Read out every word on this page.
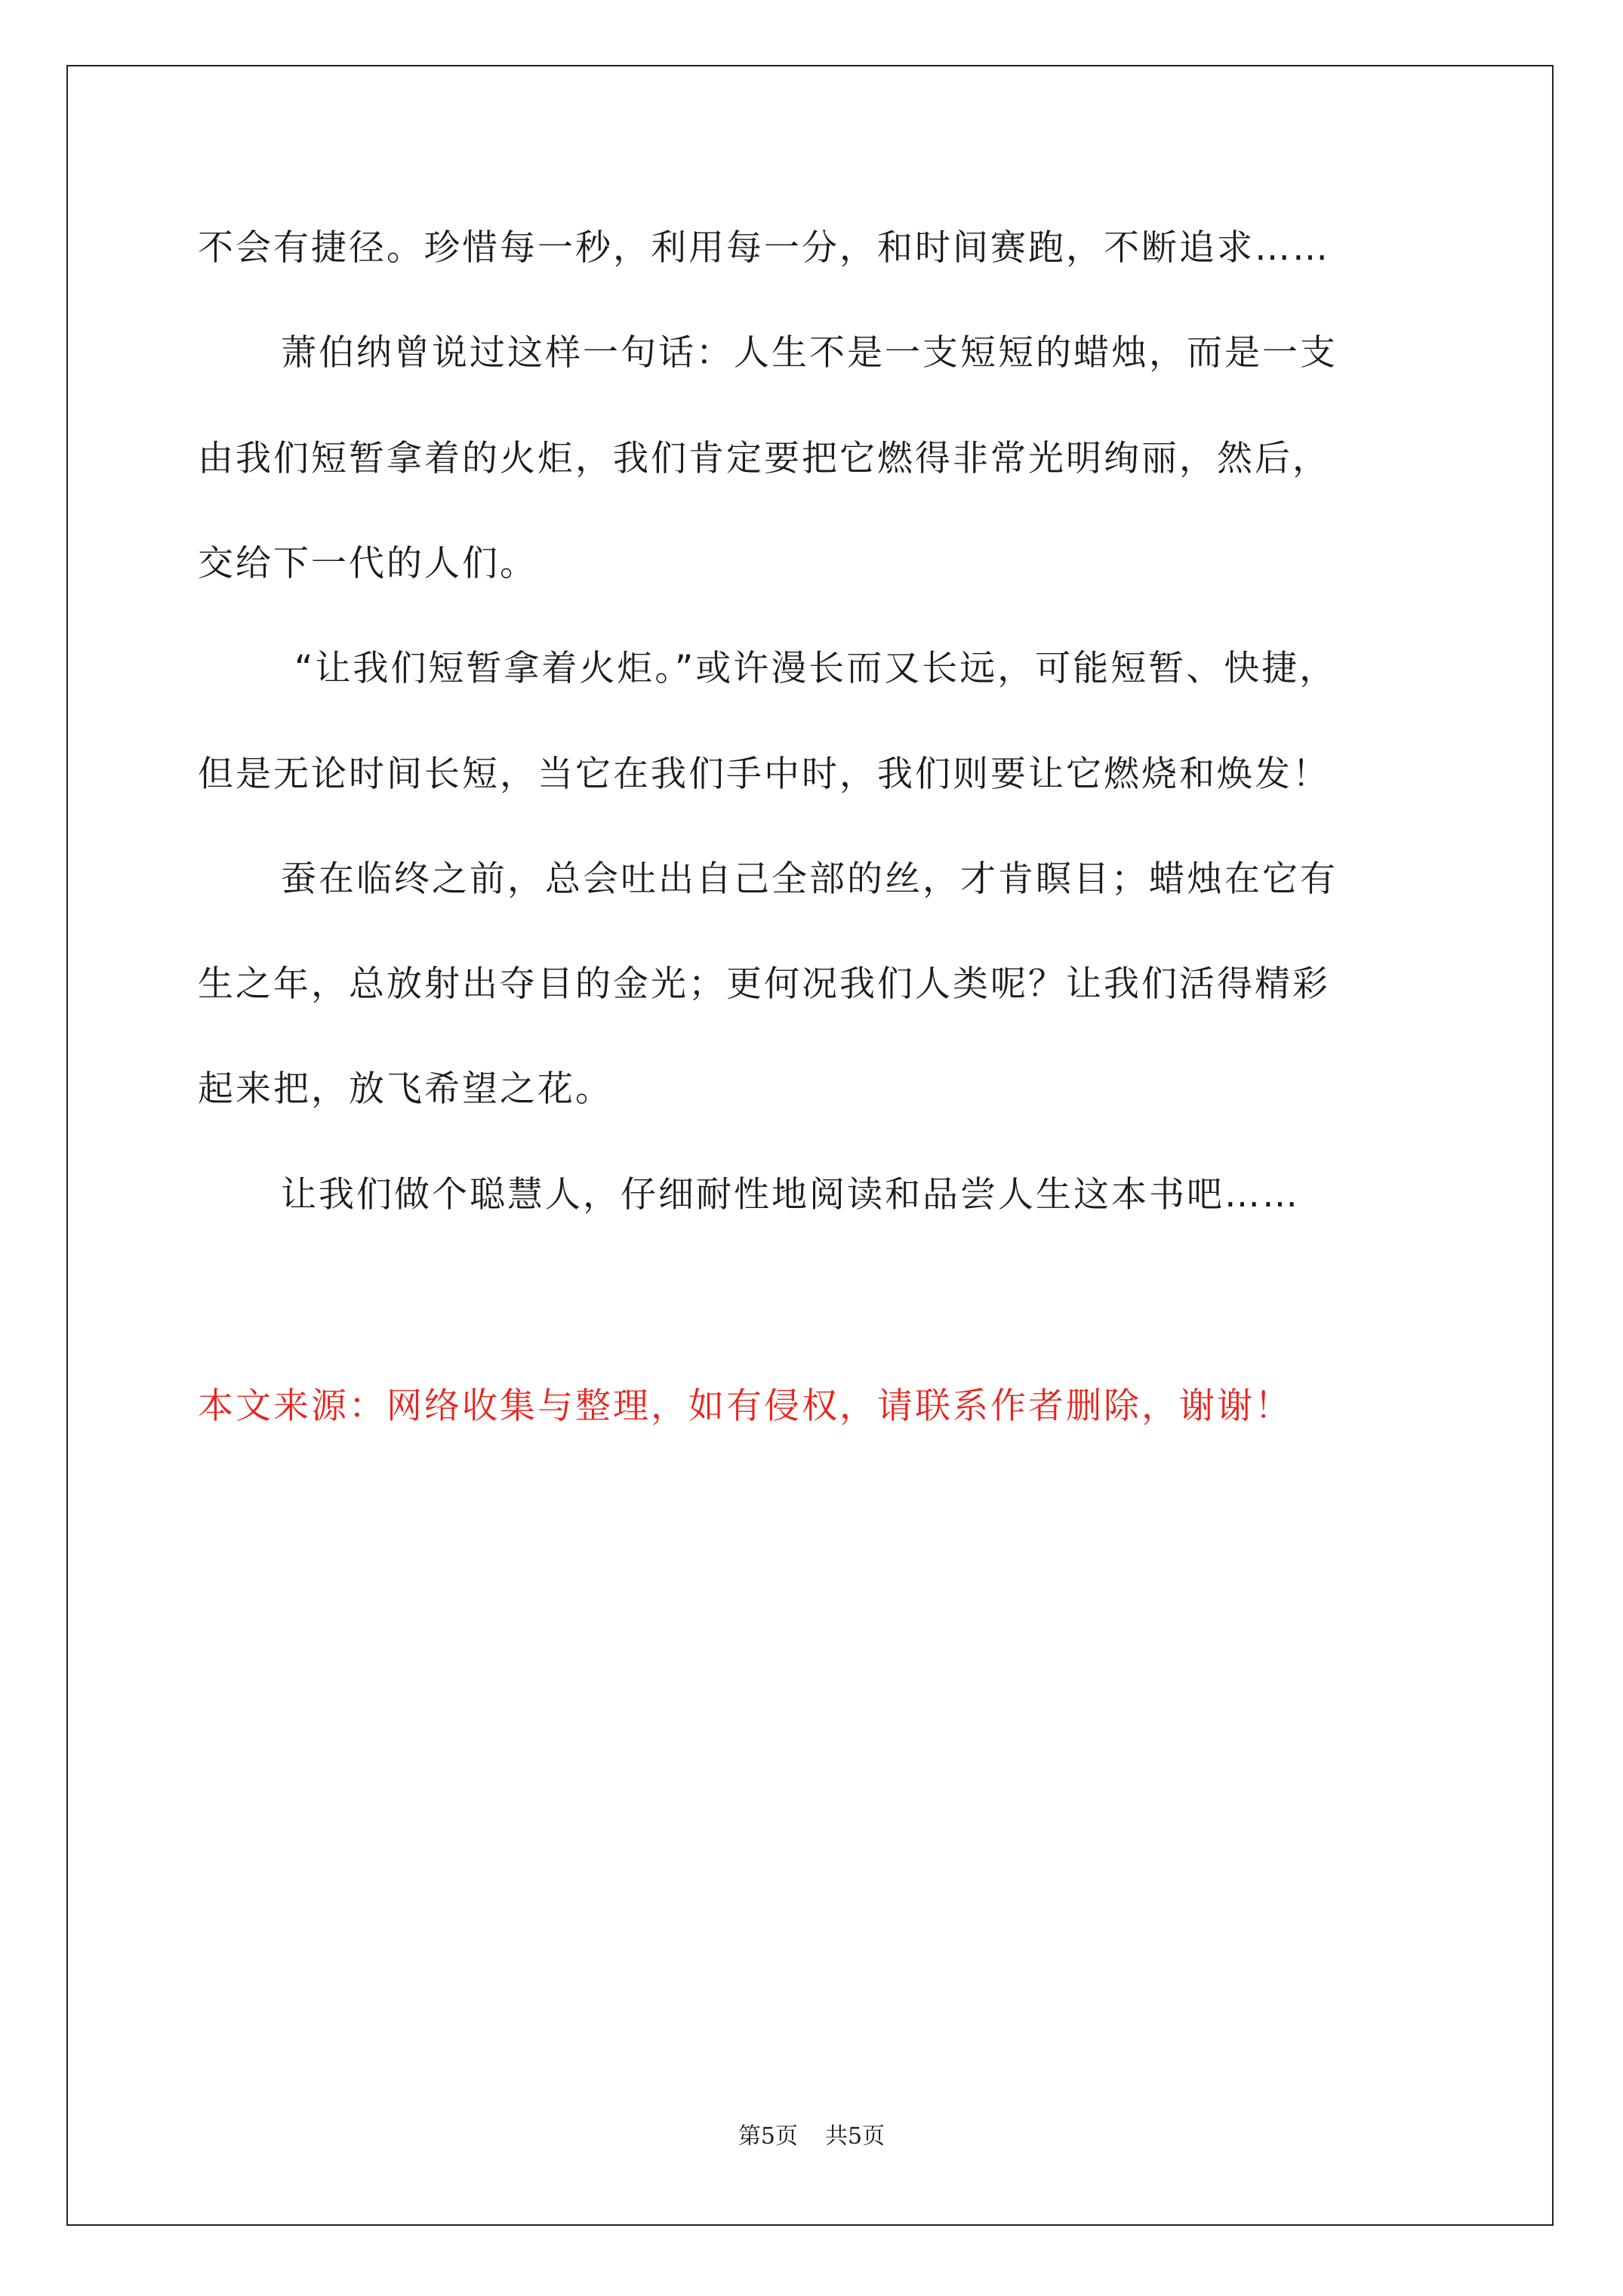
不会有捷径。珍惜每一秒，利用每一分，和时间赛跑，不断追求……
萧伯纳曾说过这样一句话：人生不是一支短短的蜡烛，而是一支
由我们短暂拿着的火炬，我们肯定要把它燃得非常光明绚丽，然后，
交给下一代的人们。
“让我们短暂拿着火炬。”或许漫长而又长远，可能短暂、快捷，
但是无论时间长短，当它在我们手中时，我们则要让它燃烧和焕发！
蚕在临终之前，总会吐出自己全部的丝，才肯瞑目；蜡烛在它有
生之年，总放射出夺目的金光；更何况我们人类呢？让我们活得精彩
起来把，放飞希望之花。
让我们做个聪慧人，仔细耐性地阅读和品尝人生这本书吧……
本文来源：网络收集与整理，如有侵权，请联系作者删除，谢谢！
第5页 共5页
